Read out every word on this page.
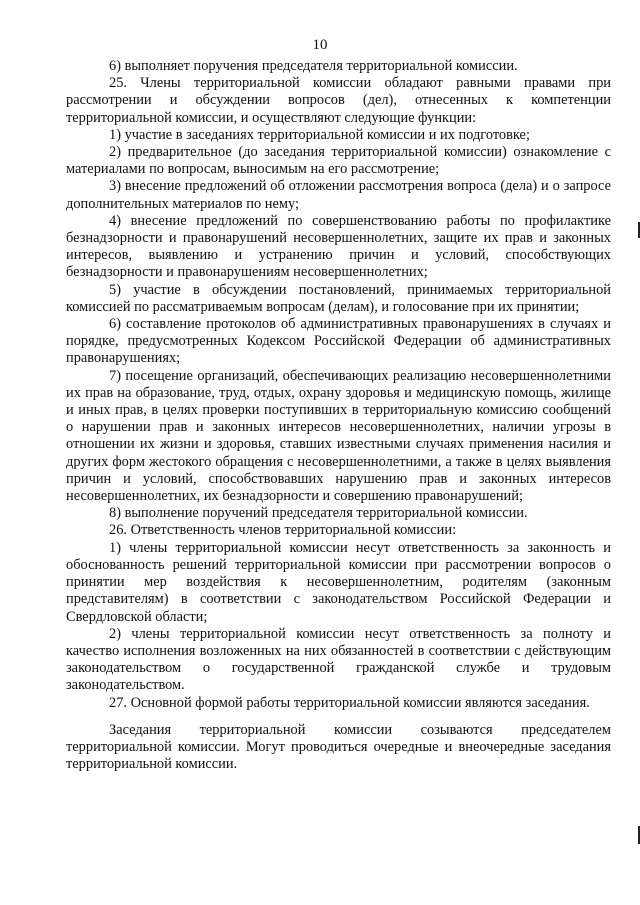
10

6) выполняет поручения председателя территориальной комиссии.

25. Члены территориальной комиссии обладают равными правами при рассмотрении и обсуждении вопросов (дел), отнесенных к компетенции территориальной комиссии, и осуществляют следующие функции:

1) участие в заседаниях территориальной комиссии и их подготовке;

2) предварительное (до заседания территориальной комиссии) ознакомление с материалами по вопросам, выносимым на его рассмотрение;

3) внесение предложений об отложении рассмотрения вопроса (дела) и о запросе дополнительных материалов по нему;

4) внесение предложений по совершенствованию работы по профилактике безнадзорности и правонарушений несовершеннолетних, защите их прав и законных интересов, выявлению и устранению причин и условий, способствующих безнадзорности и правонарушениям несовершеннолетних;

5) участие в обсуждении постановлений, принимаемых территориальной комиссией по рассматриваемым вопросам (делам), и голосование при их принятии;

6) составление протоколов об административных правонарушениях в случаях и порядке, предусмотренных Кодексом Российской Федерации об административных правонарушениях;

7) посещение организаций, обеспечивающих реализацию несовершеннолетними их прав на образование, труд, отдых, охрану здоровья и медицинскую помощь, жилище и иных прав, в целях проверки поступивших в территориальную комиссию сообщений о нарушении прав и законных интересов несовершеннолетних, наличии угрозы в отношении их жизни и здоровья, ставших известными случаях применения насилия и других форм жестокого обращения с несовершеннолетними, а также в целях выявления причин и условий, способствовавших нарушению прав и законных интересов несовершеннолетних, их безнадзорности и совершению правонарушений;

8) выполнение поручений председателя территориальной комиссии.

26. Ответственность членов территориальной комиссии:

1) члены территориальной комиссии несут ответственность за законность и обоснованность решений территориальной комиссии при рассмотрении вопросов о принятии мер воздействия к несовершеннолетним, родителям (законным представителям) в соответствии с законодательством Российской Федерации и Свердловской области;

2) члены территориальной комиссии несут ответственность за полноту и качество исполнения возложенных на них обязанностей в соответствии с действующим законодательством о государственной гражданской службе и трудовым законодательством.

27. Основной формой работы территориальной комиссии являются заседания.

Заседания территориальной комиссии созываются председателем территориальной комиссии. Могут проводиться очередные и внеочередные заседания территориальной комиссии.
